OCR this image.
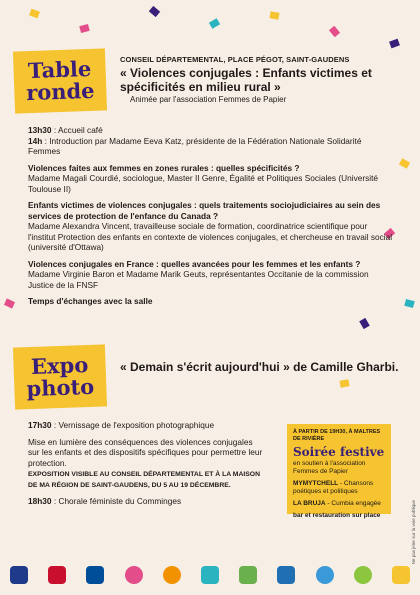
Table
ronde
CONSEIL DÉPARTEMENTAL, PLACE PÉGOT, SAINT-GAUDENS
« Violences conjugales : Enfants victimes et spécificités en milieu rural »
Animée par l'association Femmes de Papier

13h30 : Accueil café
14h : Introduction par Madame Eeva Katz, présidente de la Fédération Nationale Solidarité Femmes

Violences faites aux femmes en zones rurales : quelles spécificités ?
Madame Magali Courdié, sociologue, Master II Genre, Égalité et Politiques Sociales (Université Toulouse II)

Enfants victimes de violences conjugales : quels traitements sociojudiciaires au sein des services de protection de l'enfance du Canada ?
Madame Alexandra Vincent, travailleuse sociale de formation, coordinatrice scientifique pour l'institut Protection des enfants en contexte de violences conjugales, et chercheuse en travail social (université d'Ottawa)

Violences conjugales en France : quelles avancées pour les femmes et les enfants ?
Madame Virginie Baron et Madame Marik Geuts, représentantes Occitanie de la commission Justice de la FNSF

Temps d'échanges avec la salle

Expo
photo
« Demain s'écrit aujourd'hui » de Camille Gharbi.

17h30 : Vernissage de l'exposition photographique

Mise en lumière des conséquences des violences conjugales sur les enfants et des dispositifs spécifiques pour permettre leur protection.
EXPOSITION VISIBLE AU CONSEIL DÉPARTEMENTAL ET À LA MAISON DE MA RÉGION DE SAINT-GAUDENS, DU 5 AU 19 DÉCEMBRE.

18h30 : Chorale féministe du Comminges

À PARTIR DE 19H30, À MALTRES DE RIVIÈRE
Soirée festive
en soutien à l'association Femmes de Papier
MYMYTCHELL - Chansons poétiques et politiques
LA BRUJA - Cumbia engagée
bar et restauration sur place	Ne pas jeter sur la voie publique
